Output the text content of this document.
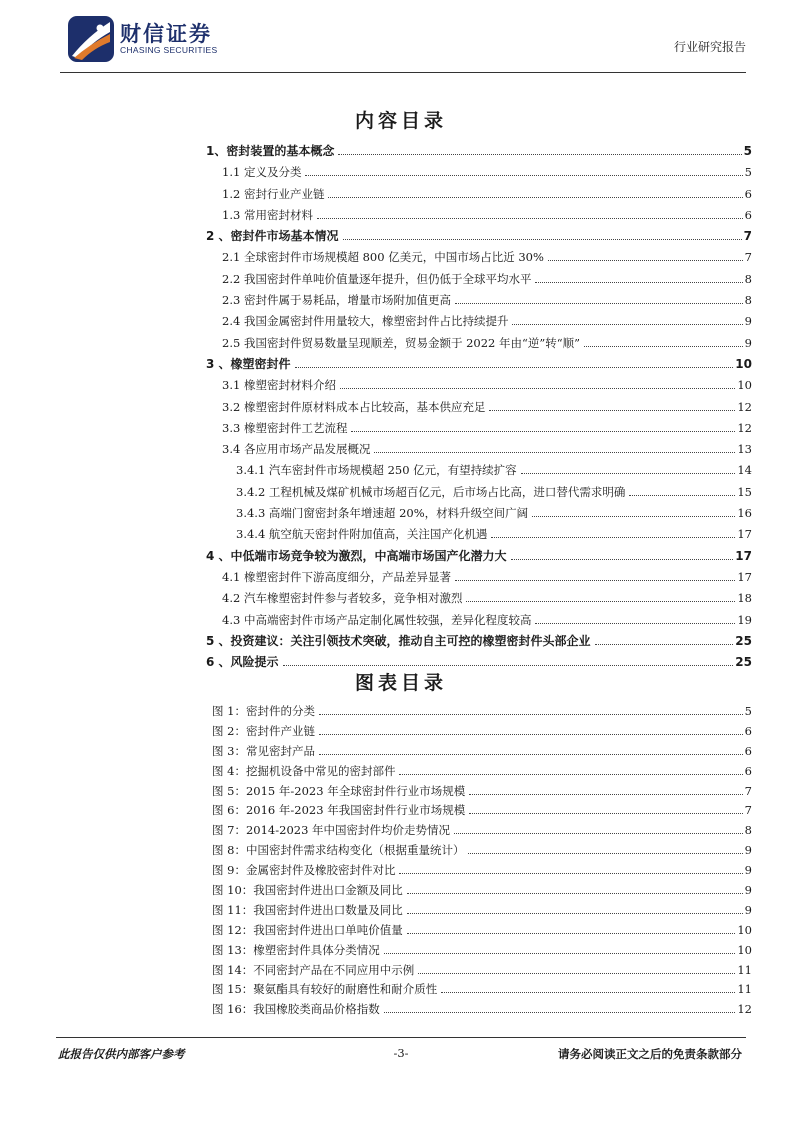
财信证券
CHASING SECURITIES	行业研究报告
内容目录
1、密封装置的基本概念	5
1.1 定义及分类	5
1.2 密封行业产业链	6
1.3 常用密封材料	6
2 、密封件市场基本情况	7
2.1 全球密封件市场规模超 800 亿美元，中国市场占比近 30%	7
2.2 我国密封件单吨价值量逐年提升，但仍低于全球平均水平	8
2.3 密封件属于易耗品，增量市场附加值更高	8
2.4 我国金属密封件用量较大，橡塑密封件占比持续提升	9
2.5 我国密封件贸易数量呈现顺差，贸易金额于 2022 年由“逆”转“顺”	9
3 、橡塑密封件	10
3.1 橡塑密封材料介绍	10
3.2 橡塑密封件原材料成本占比较高，基本供应充足	12
3.3 橡塑密封件工艺流程	12
3.4 各应用市场产品发展概况	13
3.4.1 汽车密封件市场规模超 250 亿元，有望持续扩容	14
3.4.2 工程机械及煤矿机械市场超百亿元，后市场占比高，进口替代需求明确	15
3.4.3 高端门窗密封条年增速超 20%，材料升级空间广阔	16
3.4.4 航空航天密封件附加值高，关注国产化机遇	17
4 、中低端市场竞争较为激烈，中高端市场国产化潜力大	17
4.1 橡塑密封件下游高度细分，产品差异显著	17
4.2 汽车橡塑密封件参与者较多，竞争相对激烈	18
4.3 中高端密封件市场产品定制化属性较强，差异化程度较高	19
5 、投资建议：关注引领技术突破，推动自主可控的橡塑密封件头部企业	25
6 、风险提示	25
图表目录
图 1：密封件的分类	5
图 2：密封件产业链	6
图 3：常见密封产品	6
图 4：挖掘机设备中常见的密封部件	6
图 5：2015 年-2023 年全球密封件行业市场规模	7
图 6：2016 年-2023 年我国密封件行业市场规模	7
图 7：2014-2023 年中国密封件均价走势情况	8
图 8：中国密封件需求结构变化（根据重量统计）	9
图 9：金属密封件及橡胶密封件对比	9
图 10：我国密封件进出口金额及同比	9
图 11：我国密封件进出口数量及同比	9
图 12：我国密封件进出口单吨价值量	10
图 13：橡塑密封件具体分类情况	10
图 14：不同密封产品在不同应用中示例	11
图 15：聚氨酯具有较好的耐磨性和耐介质性	11
图 16：我国橡胶类商品价格指数	12
此报告仅供内部客户参考	-3-	请务必阅读正文之后的免责条款部分
